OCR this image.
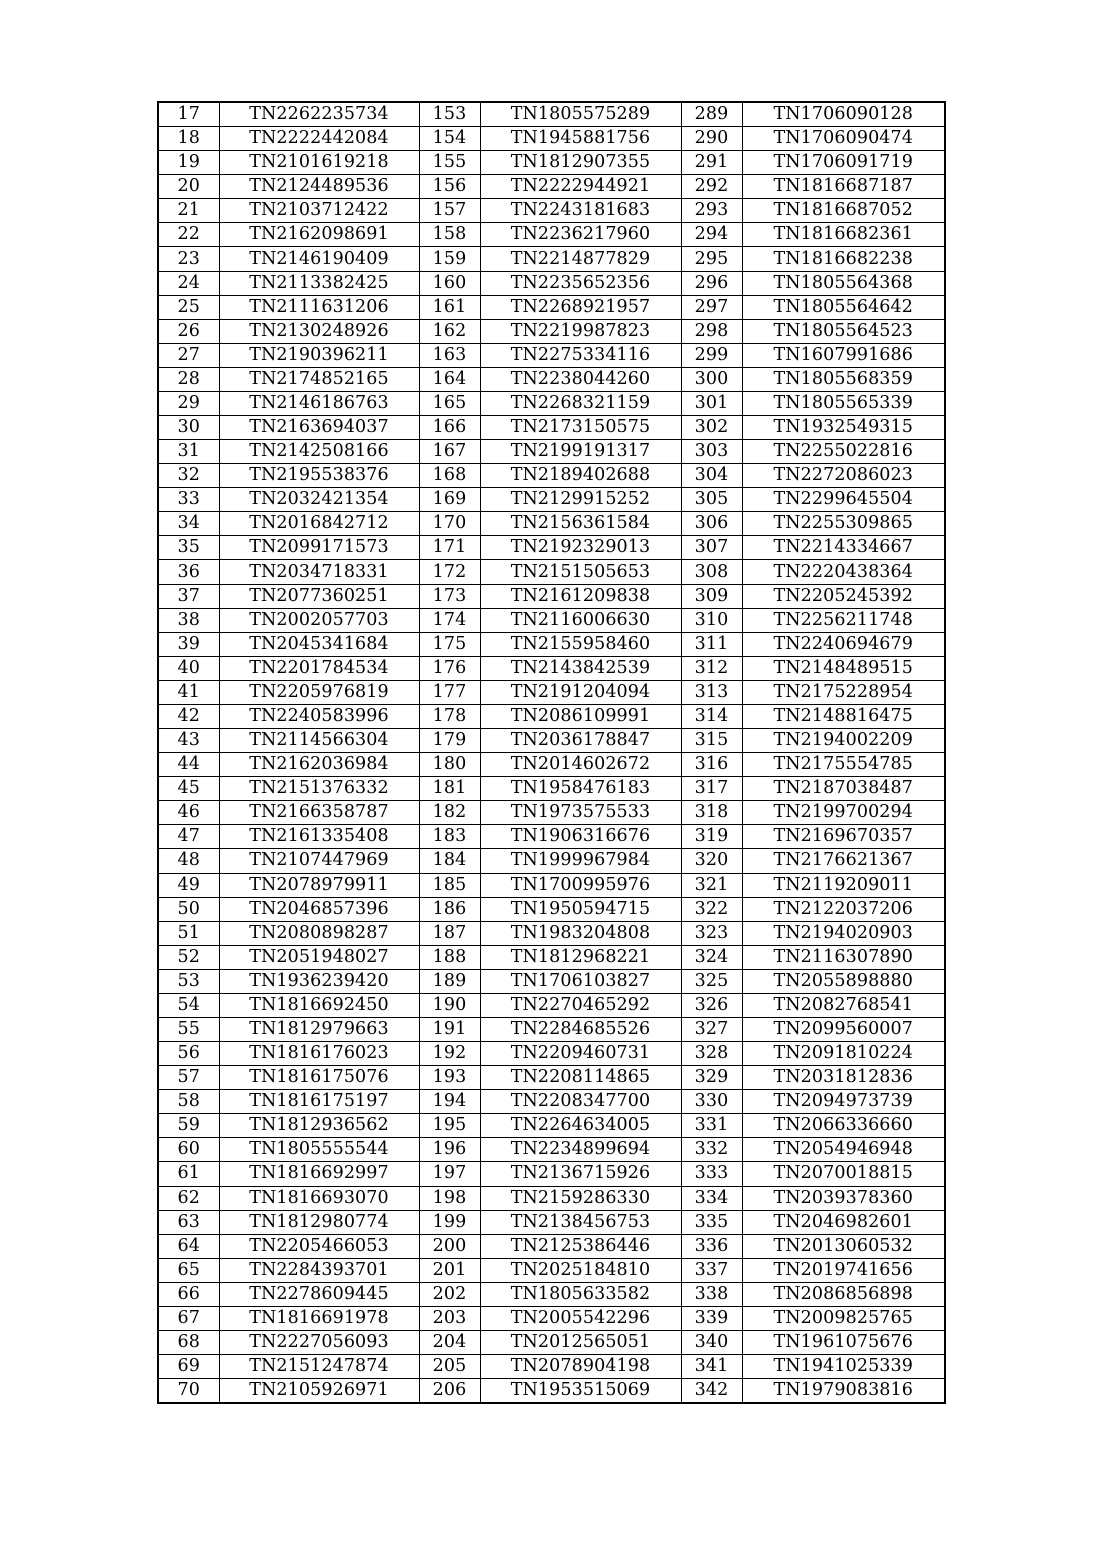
17	TN2262235734	153	TN1805575289	289	TN1706090128
18	TN2222442084	154	TN1945881756	290	TN1706090474
19	TN2101619218	155	TN1812907355	291	TN1706091719
20	TN2124489536	156	TN2222944921	292	TN1816687187
21	TN2103712422	157	TN2243181683	293	TN1816687052
22	TN2162098691	158	TN2236217960	294	TN1816682361
23	TN2146190409	159	TN2214877829	295	TN1816682238
24	TN2113382425	160	TN2235652356	296	TN1805564368
25	TN2111631206	161	TN2268921957	297	TN1805564642
26	TN2130248926	162	TN2219987823	298	TN1805564523
27	TN2190396211	163	TN2275334116	299	TN1607991686
28	TN2174852165	164	TN2238044260	300	TN1805568359
29	TN2146186763	165	TN2268321159	301	TN1805565339
30	TN2163694037	166	TN2173150575	302	TN1932549315
31	TN2142508166	167	TN2199191317	303	TN2255022816
32	TN2195538376	168	TN2189402688	304	TN2272086023
33	TN2032421354	169	TN2129915252	305	TN2299645504
34	TN2016842712	170	TN2156361584	306	TN2255309865
35	TN2099171573	171	TN2192329013	307	TN2214334667
36	TN2034718331	172	TN2151505653	308	TN2220438364
37	TN2077360251	173	TN2161209838	309	TN2205245392
38	TN2002057703	174	TN2116006630	310	TN2256211748
39	TN2045341684	175	TN2155958460	311	TN2240694679
40	TN2201784534	176	TN2143842539	312	TN2148489515
41	TN2205976819	177	TN2191204094	313	TN2175228954
42	TN2240583996	178	TN2086109991	314	TN2148816475
43	TN2114566304	179	TN2036178847	315	TN2194002209
44	TN2162036984	180	TN2014602672	316	TN2175554785
45	TN2151376332	181	TN1958476183	317	TN2187038487
46	TN2166358787	182	TN1973575533	318	TN2199700294
47	TN2161335408	183	TN1906316676	319	TN2169670357
48	TN2107447969	184	TN1999967984	320	TN2176621367
49	TN2078979911	185	TN1700995976	321	TN2119209011
50	TN2046857396	186	TN1950594715	322	TN2122037206
51	TN2080898287	187	TN1983204808	323	TN2194020903
52	TN2051948027	188	TN1812968221	324	TN2116307890
53	TN1936239420	189	TN1706103827	325	TN2055898880
54	TN1816692450	190	TN2270465292	326	TN2082768541
55	TN1812979663	191	TN2284685526	327	TN2099560007
56	TN1816176023	192	TN2209460731	328	TN2091810224
57	TN1816175076	193	TN2208114865	329	TN2031812836
58	TN1816175197	194	TN2208347700	330	TN2094973739
59	TN1812936562	195	TN2264634005	331	TN2066336660
60	TN1805555544	196	TN2234899694	332	TN2054946948
61	TN1816692997	197	TN2136715926	333	TN2070018815
62	TN1816693070	198	TN2159286330	334	TN2039378360
63	TN1812980774	199	TN2138456753	335	TN2046982601
64	TN2205466053	200	TN2125386446	336	TN2013060532
65	TN2284393701	201	TN2025184810	337	TN2019741656
66	TN2278609445	202	TN1805633582	338	TN2086856898
67	TN1816691978	203	TN2005542296	339	TN2009825765
68	TN2227056093	204	TN2012565051	340	TN1961075676
69	TN2151247874	205	TN2078904198	341	TN1941025339
70	TN2105926971	206	TN1953515069	342	TN1979083816
